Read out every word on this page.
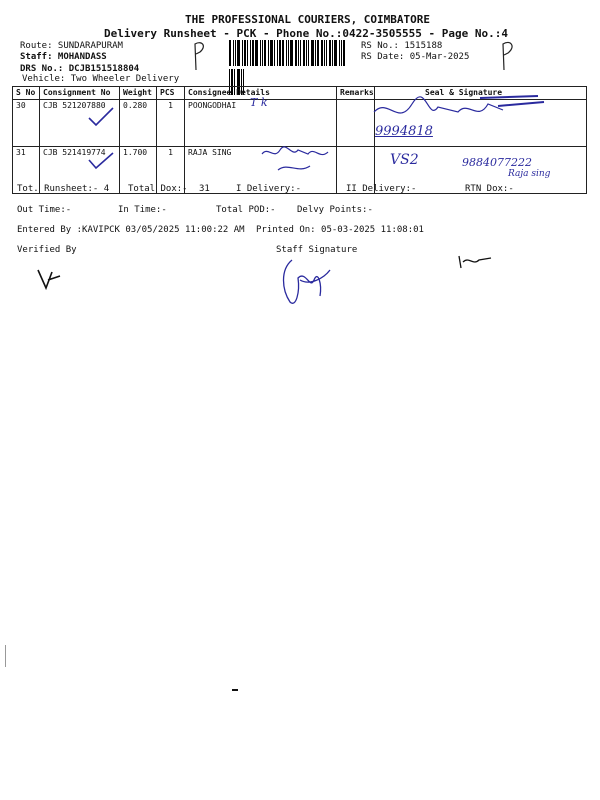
THE PROFESSIONAL COURIERS, COIMBATORE
Delivery Runsheet - PCK - Phone No.:0422-3505555 - Page No.:4
Route: SUNDARAPURAM
Staff: MOHANDASS
DRS No.: DCJB151518804
Vehicle: Two Wheeler Delivery
RS No.: 1515188
RS Date: 05-Mar-2025
S No	Consignment No	Weight	PCS	Consignee Details	Remarks	Seal & Signature
30	CJB 521207880	0.280	1	POONGODHAI		
31	CJB 521419774	1.700	1	RAJA SING		
T k
9994818
VS2	9884077222
Raja sing
Tot. Runsheet:- 4 Total Dox:- 31	I Delivery:-	II Delivery:-	RTN Dox:-
Out Time:-	In Time:-	Total POD:- Delvy Points:-
Entered By :KAVIPCK 03/05/2025 11:00:22 AM Printed On: 05-03-2025 11:08:01
Verified By	Staff Signature
